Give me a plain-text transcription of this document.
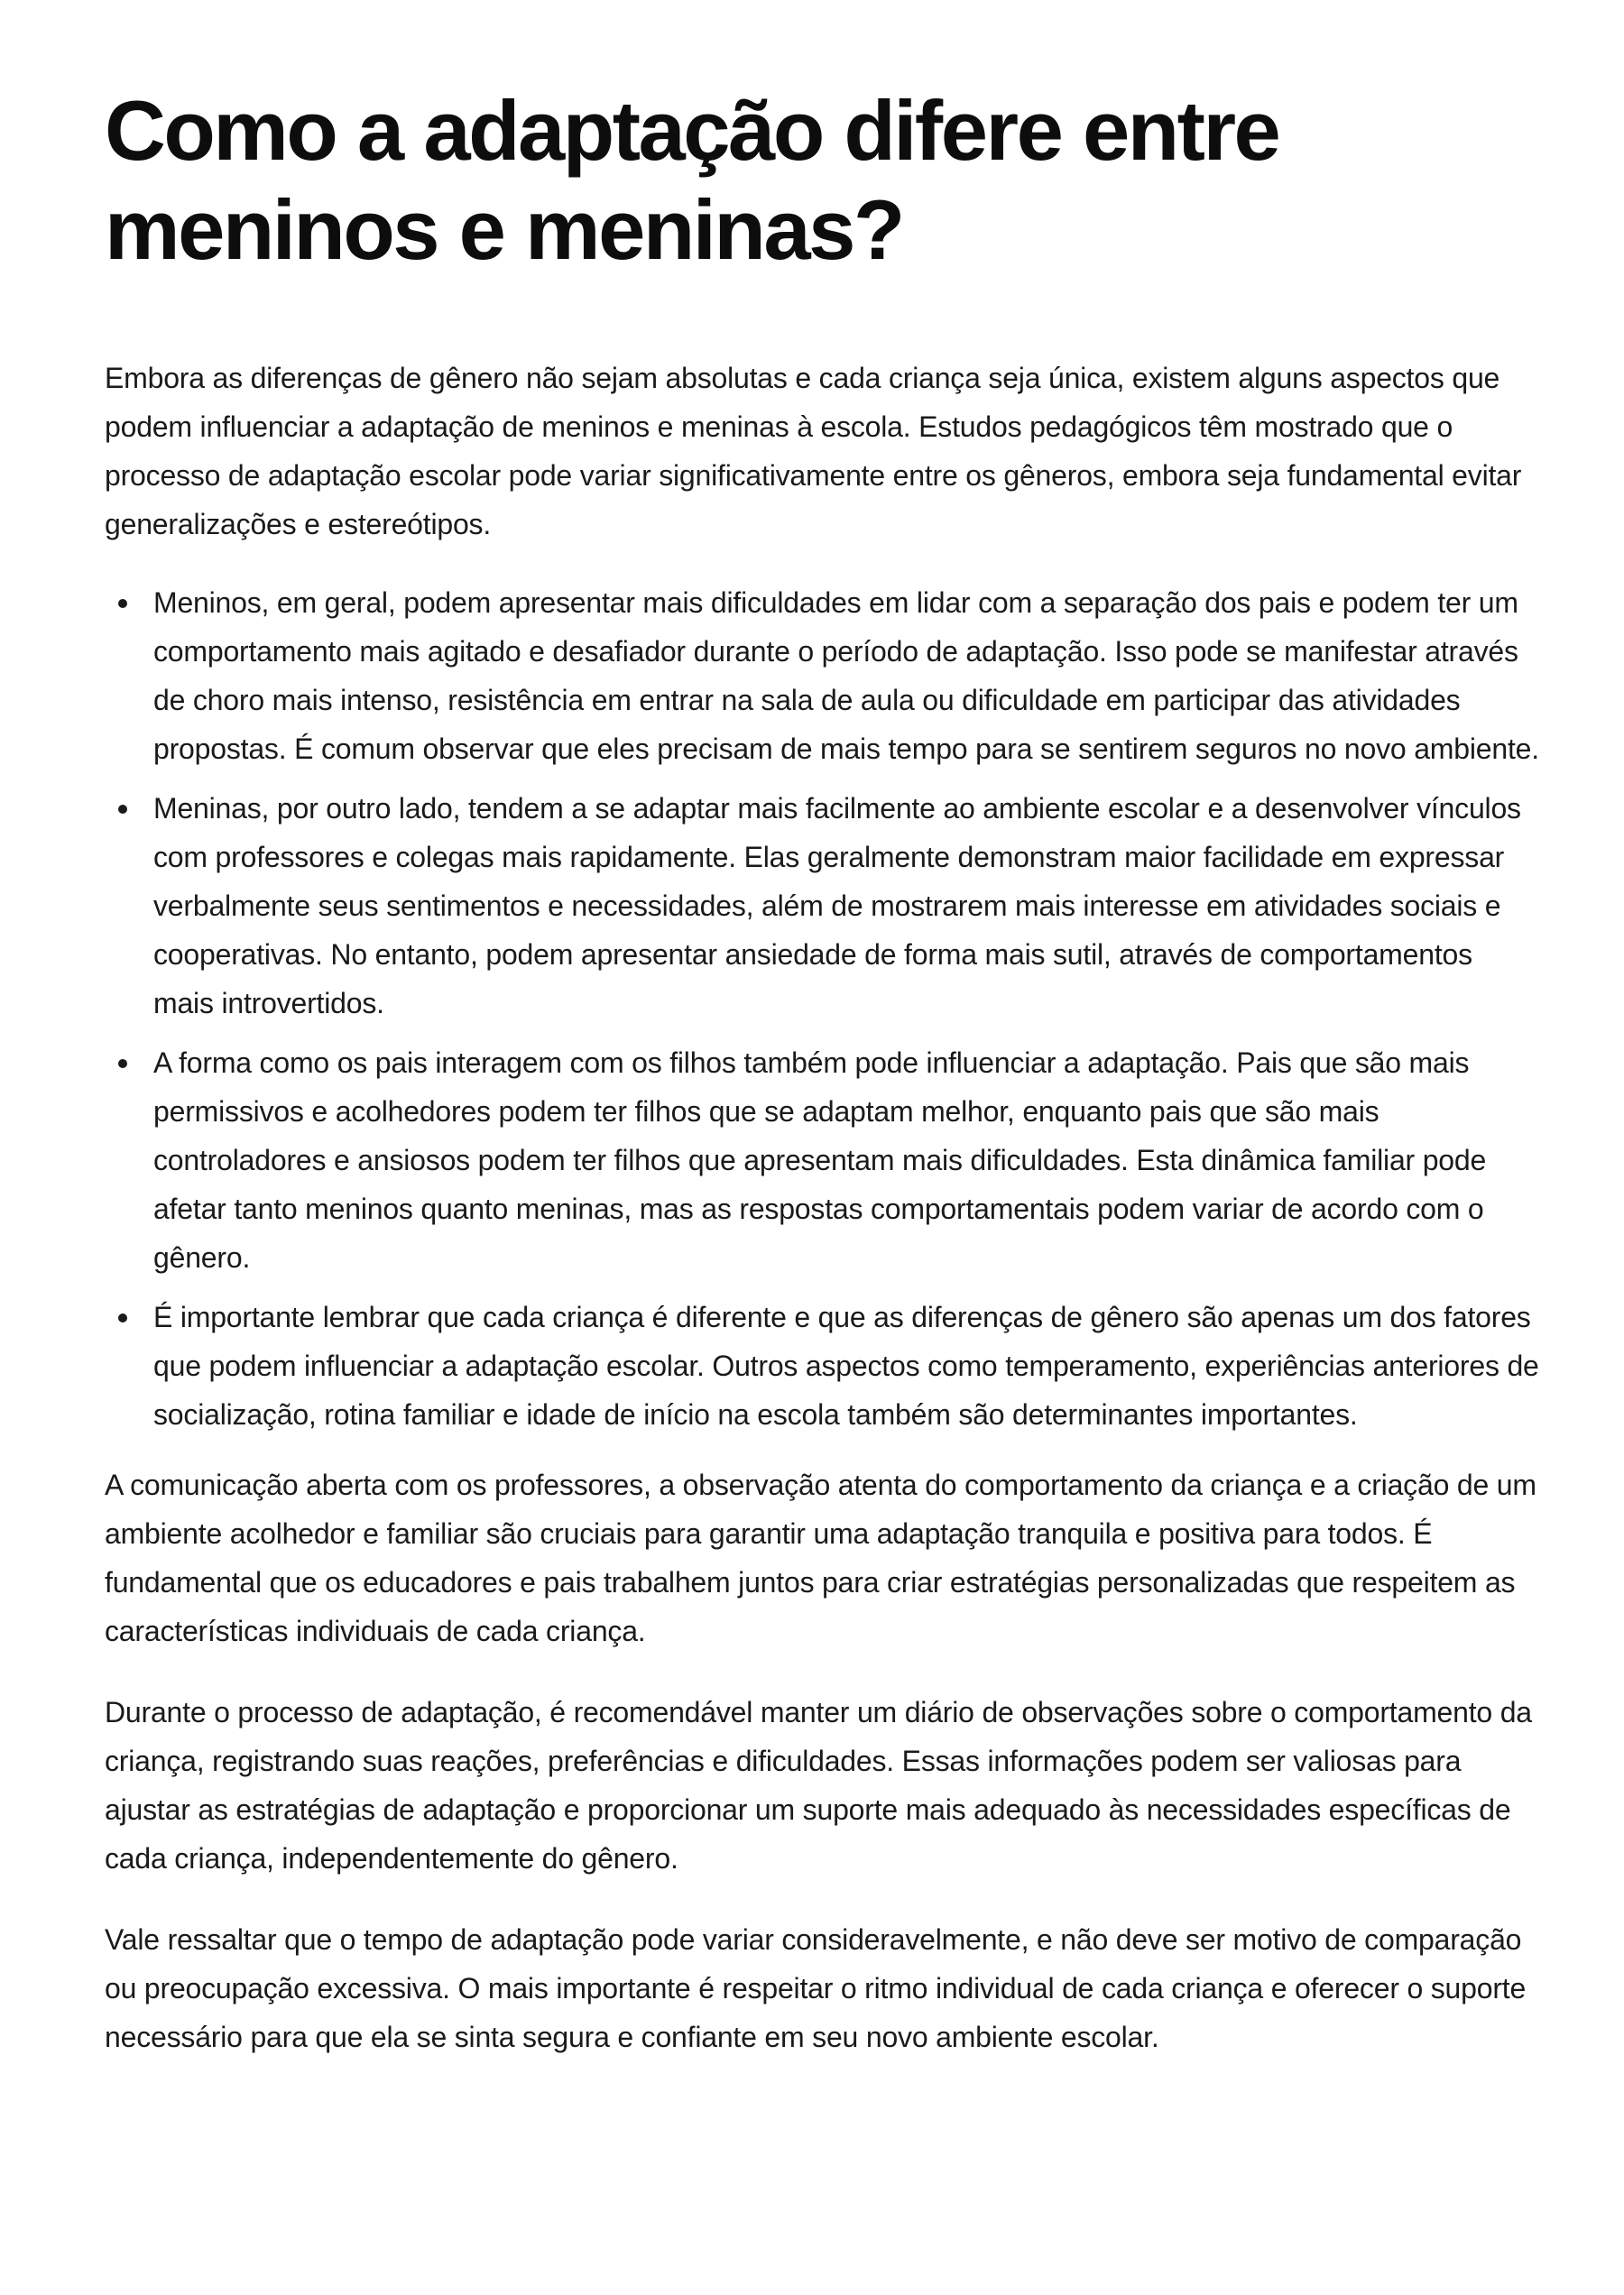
Como a adaptação difere entre meninos e meninas?

Embora as diferenças de gênero não sejam absolutas e cada criança seja única, existem alguns aspectos que podem influenciar a adaptação de meninos e meninas à escola. Estudos pedagógicos têm mostrado que o processo de adaptação escolar pode variar significativamente entre os gêneros, embora seja fundamental evitar generalizações e estereótipos.

Meninos, em geral, podem apresentar mais dificuldades em lidar com a separação dos pais e podem ter um comportamento mais agitado e desafiador durante o período de adaptação. Isso pode se manifestar através de choro mais intenso, resistência em entrar na sala de aula ou dificuldade em participar das atividades propostas. É comum observar que eles precisam de mais tempo para se sentirem seguros no novo ambiente.
Meninas, por outro lado, tendem a se adaptar mais facilmente ao ambiente escolar e a desenvolver vínculos com professores e colegas mais rapidamente. Elas geralmente demonstram maior facilidade em expressar verbalmente seus sentimentos e necessidades, além de mostrarem mais interesse em atividades sociais e cooperativas. No entanto, podem apresentar ansiedade de forma mais sutil, através de comportamentos mais introvertidos.
A forma como os pais interagem com os filhos também pode influenciar a adaptação. Pais que são mais permissivos e acolhedores podem ter filhos que se adaptam melhor, enquanto pais que são mais controladores e ansiosos podem ter filhos que apresentam mais dificuldades. Esta dinâmica familiar pode afetar tanto meninos quanto meninas, mas as respostas comportamentais podem variar de acordo com o gênero.
É importante lembrar que cada criança é diferente e que as diferenças de gênero são apenas um dos fatores que podem influenciar a adaptação escolar. Outros aspectos como temperamento, experiências anteriores de socialização, rotina familiar e idade de início na escola também são determinantes importantes.

A comunicação aberta com os professores, a observação atenta do comportamento da criança e a criação de um ambiente acolhedor e familiar são cruciais para garantir uma adaptação tranquila e positiva para todos. É fundamental que os educadores e pais trabalhem juntos para criar estratégias personalizadas que respeitem as características individuais de cada criança.

Durante o processo de adaptação, é recomendável manter um diário de observações sobre o comportamento da criança, registrando suas reações, preferências e dificuldades. Essas informações podem ser valiosas para ajustar as estratégias de adaptação e proporcionar um suporte mais adequado às necessidades específicas de cada criança, independentemente do gênero.

Vale ressaltar que o tempo de adaptação pode variar consideravelmente, e não deve ser motivo de comparação ou preocupação excessiva. O mais importante é respeitar o ritmo individual de cada criança e oferecer o suporte necessário para que ela se sinta segura e confiante em seu novo ambiente escolar.
